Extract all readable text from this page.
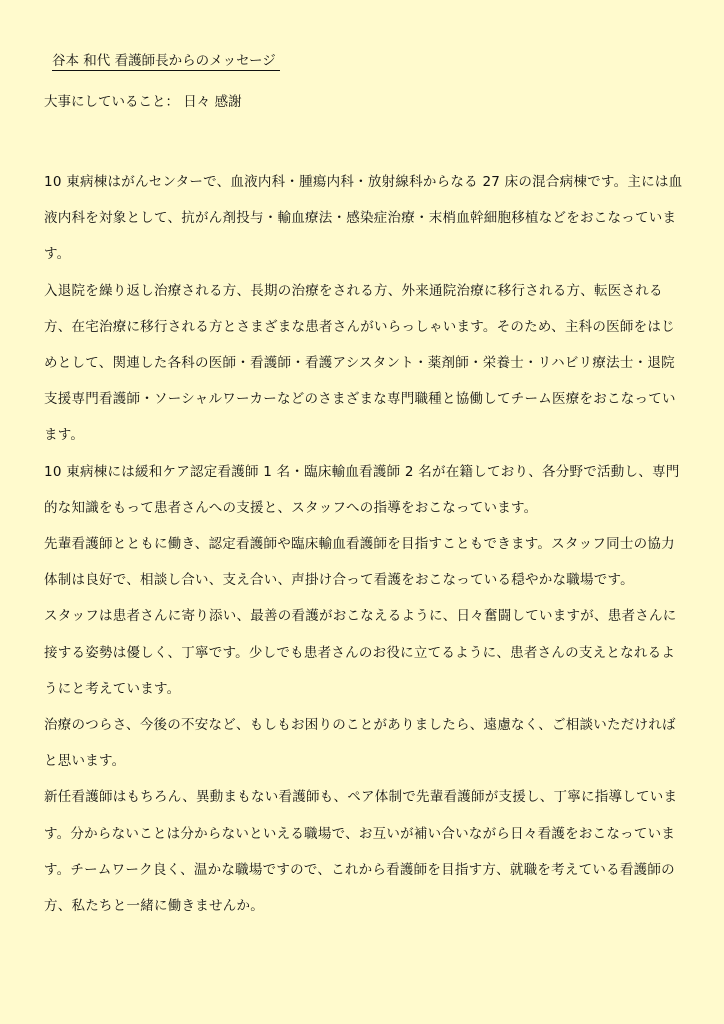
谷本 和代 看護師長からのメッセージ
大事にしていること： 日々 感謝

10 東病棟はがんセンターで、血液内科・腫瘍内科・放射線科からなる 27 床の混合病棟です。主には血液内科を対象として、抗がん剤投与・輸血療法・感染症治療・末梢血幹細胞移植などをおこなっています。

入退院を繰り返し治療される方、長期の治療をされる方、外来通院治療に移行される方、転医される方、在宅治療に移行される方とさまざまな患者さんがいらっしゃいます。そのため、主科の医師をはじめとして、関連した各科の医師・看護師・看護アシスタント・薬剤師・栄養士・リハビリ療法士・退院支援専門看護師・ソーシャルワーカーなどのさまざまな専門職種と協働してチーム医療をおこなっています。

10 東病棟には緩和ケア認定看護師 1 名・臨床輸血看護師 2 名が在籍しており、各分野で活動し、専門的な知識をもって患者さんへの支援と、スタッフへの指導をおこなっています。

先輩看護師とともに働き、認定看護師や臨床輸血看護師を目指すこともできます。スタッフ同士の協力体制は良好で、相談し合い、支え合い、声掛け合って看護をおこなっている穏やかな職場です。

スタッフは患者さんに寄り添い、最善の看護がおこなえるように、日々奮闘していますが、患者さんに接する姿勢は優しく、丁寧です。少しでも患者さんのお役に立てるように、患者さんの支えとなれるようにと考えています。

治療のつらさ、今後の不安など、もしもお困りのことがありましたら、遠慮なく、ご相談いただければと思います。

新任看護師はもちろん、異動まもない看護師も、ペア体制で先輩看護師が支援し、丁寧に指導しています。分からないことは分からないといえる職場で、お互いが補い合いながら日々看護をおこなっています。チームワーク良く、温かな職場ですので、これから看護師を目指す方、就職を考えている看護師の方、私たちと一緒に働きませんか。
